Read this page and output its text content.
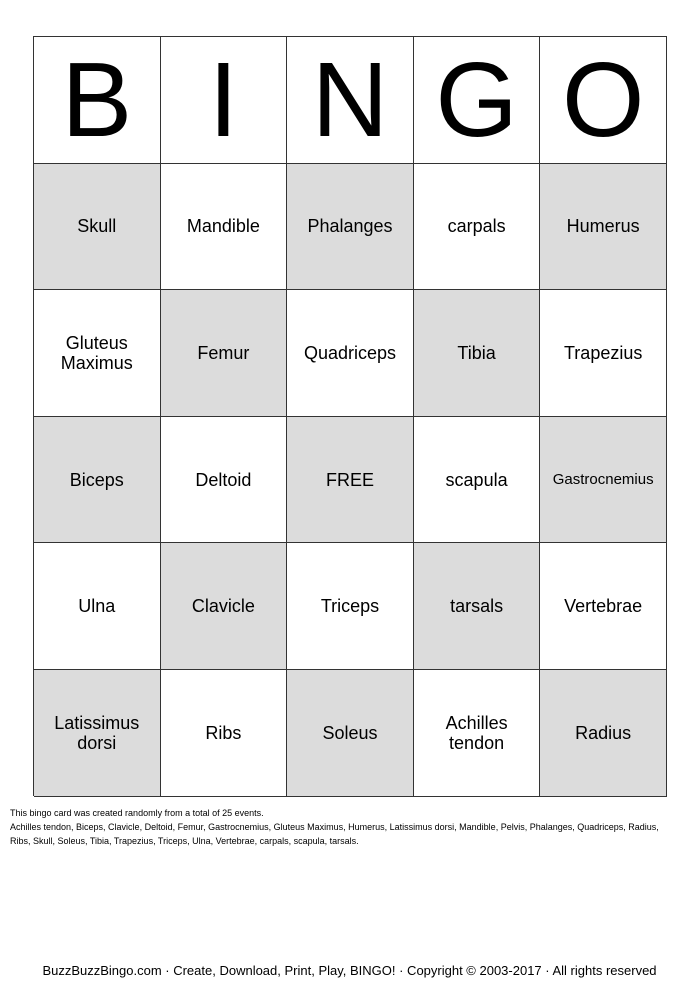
B I N G O
Skull	Mandible	Phalanges	carpals	Humerus
Gluteus Maximus	Femur	Quadriceps	Tibia	Trapezius
Biceps	Deltoid	FREE	scapula	Gastrocnemius
Ulna	Clavicle	Triceps	tarsals	Vertebrae
Latissimus dorsi	Ribs	Soleus	Achilles tendon	Radius
This bingo card was created randomly from a total of 25 events.
Achilles tendon, Biceps, Clavicle, Deltoid, Femur, Gastrocnemius, Gluteus Maximus, Humerus, Latissimus dorsi, Mandible, Pelvis, Phalanges, Quadriceps, Radius,
Ribs, Skull, Soleus, Tibia, Trapezius, Triceps, Ulna, Vertebrae, carpals, scapula, tarsals.
BuzzBuzzBingo.com · Create, Download, Print, Play, BINGO! · Copyright © 2003-2017 · All rights reserved
